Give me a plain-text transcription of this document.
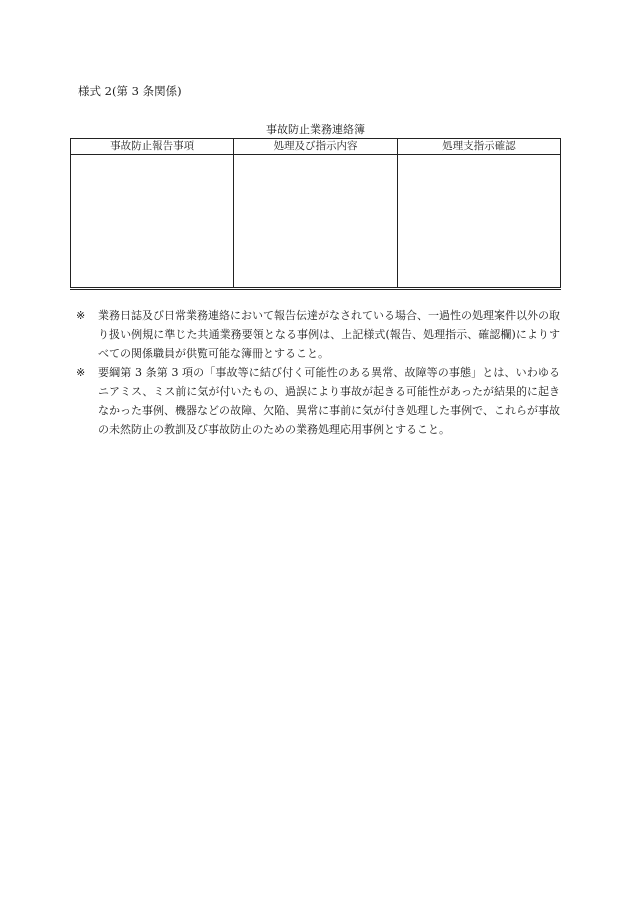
様式 2(第 3 条関係)
事故防止業務連絡簿
事故防止報告事項	処理及び指示内容	処理支指示確認

※	業務日誌及び日常業務連絡において報告伝達がなされている場合、一過性の処理案件以外の取り扱い例規に準じた共通業務要領となる事例は、上記様式(報告、処理指示、確認欄)によりすべての関係職員が供覧可能な簿冊とすること。
※	要綱第 3 条第 3 項の「事故等に結び付く可能性のある異常、故障等の事態」とは、いわゆるニアミス、ミス前に気が付いたもの、過誤により事故が起きる可能性があったが結果的に起きなかった事例、機器などの故障、欠陥、異常に事前に気が付き処理した事例で、これらが事故の未然防止の教訓及び事故防止のための業務処理応用事例とすること。
